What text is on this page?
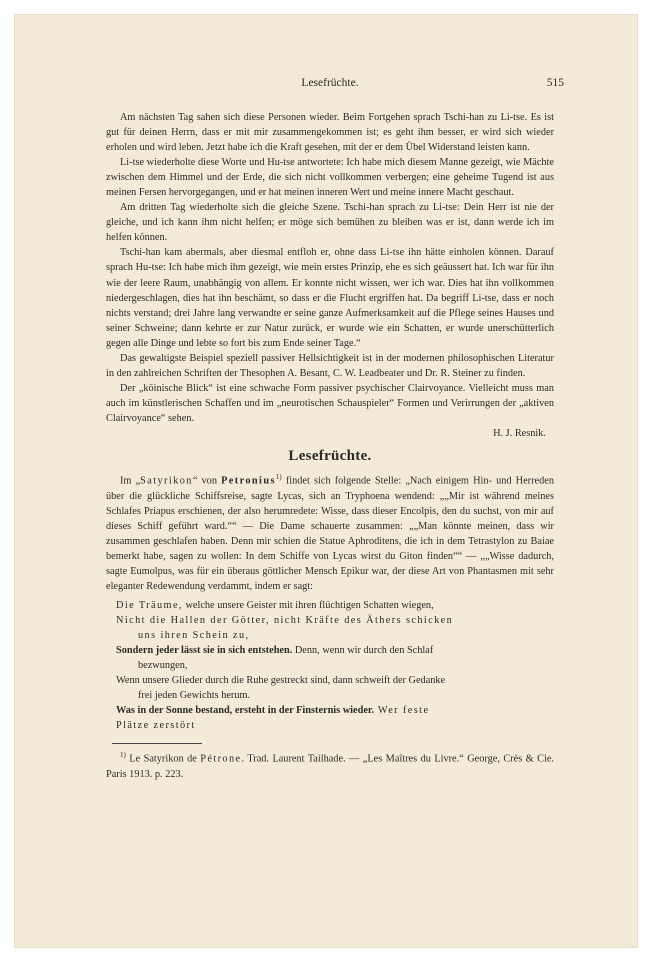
Lesefrüchte.	515

Am nächsten Tag sahen sich diese Personen wieder. Beim Fortgehen sprach Tschi-han zu Li-tse. Es ist gut für deinen Herrn, dass er mit mir zusammengekommen ist; es geht ihm besser, er wird sich wieder erholen und wird leben. Jetzt habe ich die Kraft gesehen, mit der er dem Übel Widerstand leisten kann.

Li-tse wiederholte diese Worte und Hu-tse antwortete: Ich habe mich diesem Manne gezeigt, wie Mächte zwischen dem Himmel und der Erde, die sich nicht vollkommen verbergen; eine geheime Tugend ist aus meinen Fersen hervorgegangen, und er hat meinen inneren Wert und meine innere Macht geschaut.

Am dritten Tag wiederholte sich die gleiche Szene. Tschi-han sprach zu Li-tse: Dein Herr ist nie der gleiche, und ich kann ihm nicht helfen; er möge sich bemühen zu bleiben was er ist, dann werde ich im helfen können.

Tschi-han kam abermals, aber diesmal entfloh er, ohne dass Li-tse ihn hätte einholen können. Darauf sprach Hu-tse: Ich habe mich ihm gezeigt, wie mein erstes Prinzip, ehe es sich geäussert hat. Ich war für ihn wie der leere Raum, unabhängig von allem. Er konnte nicht wissen, wer ich war. Dies hat ihn vollkommen niedergeschlagen, dies hat ihn beschämt, so dass er die Flucht ergriffen hat. Da begriff Li-tse, dass er noch nichts verstand; drei Jahre lang verwandte er seine ganze Aufmerksamkeit auf die Pflege seines Hauses und seiner Schweine; dann kehrte er zur Natur zurück, er wurde wie ein Schatten, er wurde unerschütterlich gegen alle Dinge und lebte so fort bis zum Ende seiner Tage.“

Das gewaltigste Beispiel speziell passiver Hellsichtigkeit ist in der modernen philosophischen Literatur in den zahlreichen Schriften der Thesophen A. Besant, C. W. Leadbeater und Dr. R. Steiner zu finden.

Der „köinische Blick“ ist eine schwache Form passiver psychischer Clairvoyance. Vielleicht muss man auch im künstlerischen Schaffen und im „neurotischen Schauspieler“ Formen und Verirrungen der „aktiven Clairvoyance“ sehen.

H. J. Resnik.
Lesefrüchte.

Im „Satyrikon“ von Petronius$^{1)}$ findet sich folgende Stelle: „Nach einigem Hin- und Herreden über die glückliche Schiffsreise, sagte Lycas, sich an Tryphoena wendend: „„Mir ist während meines Schlafes Priapus erschienen, der also herumredete: Wisse, dass dieser Encolpis, den du suchst, von mir auf dieses Schiff geführt ward.““ — Die Dame schauerte zusammen: „„Man könnte meinen, dass wir zusammen geschlafen haben. Denn mir schien die Statue Aphroditens, die ich in dem Tetrastylon zu Baiae bemerkt habe, sagen zu wollen: In dem Schiffe von Lycas wirst du Giton finden““ — „„Wisse dadurch, sagte Eumolpus, was für ein überaus göttlicher Mensch Epikur war, der diese Art von Phantasmen mit sehr eleganter Redewendung verdammt, indem er sagt:

Die Träume, welche unsere Geister mit ihren flüchtigen Schatten wiegen,
Nicht die Hallen der Götter, nicht Kräfte des Äthers schicken
uns ihren Schein zu,
Sondern jeder lässt sie in sich entstehen. Denn, wenn wir durch den Schlaf
bezwungen,
Wenn unsere Glieder durch die Ruhe gestreckt sind, dann schweift der Gedanke
frei jeden Gewichts herum.
Was in der Sonne bestand, ersteht in der Finsternis wieder. Wer feste
Plätze zerstört

$^{1)}$ Le Satyrikon de Pétrone. Trad. Laurent Tailhade. — „Les Maîtres du Livre.“ George, Crès & Cie. Paris 1913. p. 223.
